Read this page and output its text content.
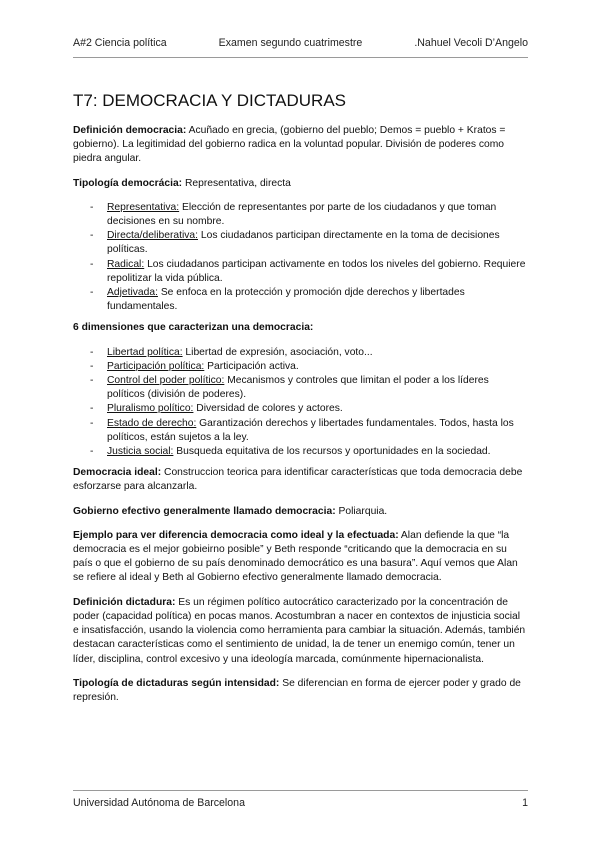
A#2 Ciencia política	Examen segundo cuatrimestre	.Nahuel Vecoli D’Angelo
T7: DEMOCRACIA Y DICTADURAS

Definición democracia: Acuñado en grecia, (gobierno del pueblo; Demos = pueblo + Kratos = gobierno). La legitimidad del gobierno radica en la voluntad popular. División de poderes como piedra angular.

Tipología democrácia: Representativa, directa

- Representativa: Elección de representantes por parte de los ciudadanos y que toman decisiones en su nombre.
- Directa/deliberativa: Los ciudadanos participan directamente en la toma de decisiones políticas.
- Radical: Los ciudadanos participan activamente en todos los niveles del gobierno. Requiere repolitizar la vida pública.
- Adjetivada: Se enfoca en la protección y promoción djde derechos y libertades fundamentales.

6 dimensiones que caracterizan una democracia:

- Libertad política: Libertad de expresión, asociación, voto...
- Participación política: Participación activa.
- Control del poder político: Mecanismos y controles que limitan el poder a los líderes políticos (división de poderes).
- Pluralismo político: Diversidad de colores y actores.
- Estado de derecho: Garantización derechos y libertades fundamentales. Todos, hasta los políticos, están sujetos a la ley.
- Justicia social: Busqueda equitativa de los recursos y oportunidades en la sociedad.

Democracia ideal: Construccion teorica para identificar características que toda democracia debe esforzarse para alcanzarla.

Gobierno efectivo generalmente llamado democracia: Poliarquia.

Ejemplo para ver diferencia democracia como ideal y la efectuada: Alan defiende la que “la democracia es el mejor gobieirno posible” y Beth responde “criticando que la democracia en su país o que el gobierno de su país denominado democrático es una basura”. Aquí vemos que Alan se refiere al ideal y Beth al Gobierno efectivo generalmente llamado democracia.

Definición dictadura: Es un régimen político autocrático caracterizado por la concentración de poder (capacidad política) en pocas manos. Acostumbran a nacer en contextos de injusticia social e insatisfacción, usando la violencia como herramienta para cambiar la situación. Además, también destacan características como el sentimiento de unidad, la de tener un enemigo común, tener un líder, disciplina, control excesivo y una ideología marcada, comúnmente hipernacionalista.

Tipología de dictaduras según intensidad: Se diferencian en forma de ejercer poder y grado de represión.

Universidad Autónoma de Barcelona	1
